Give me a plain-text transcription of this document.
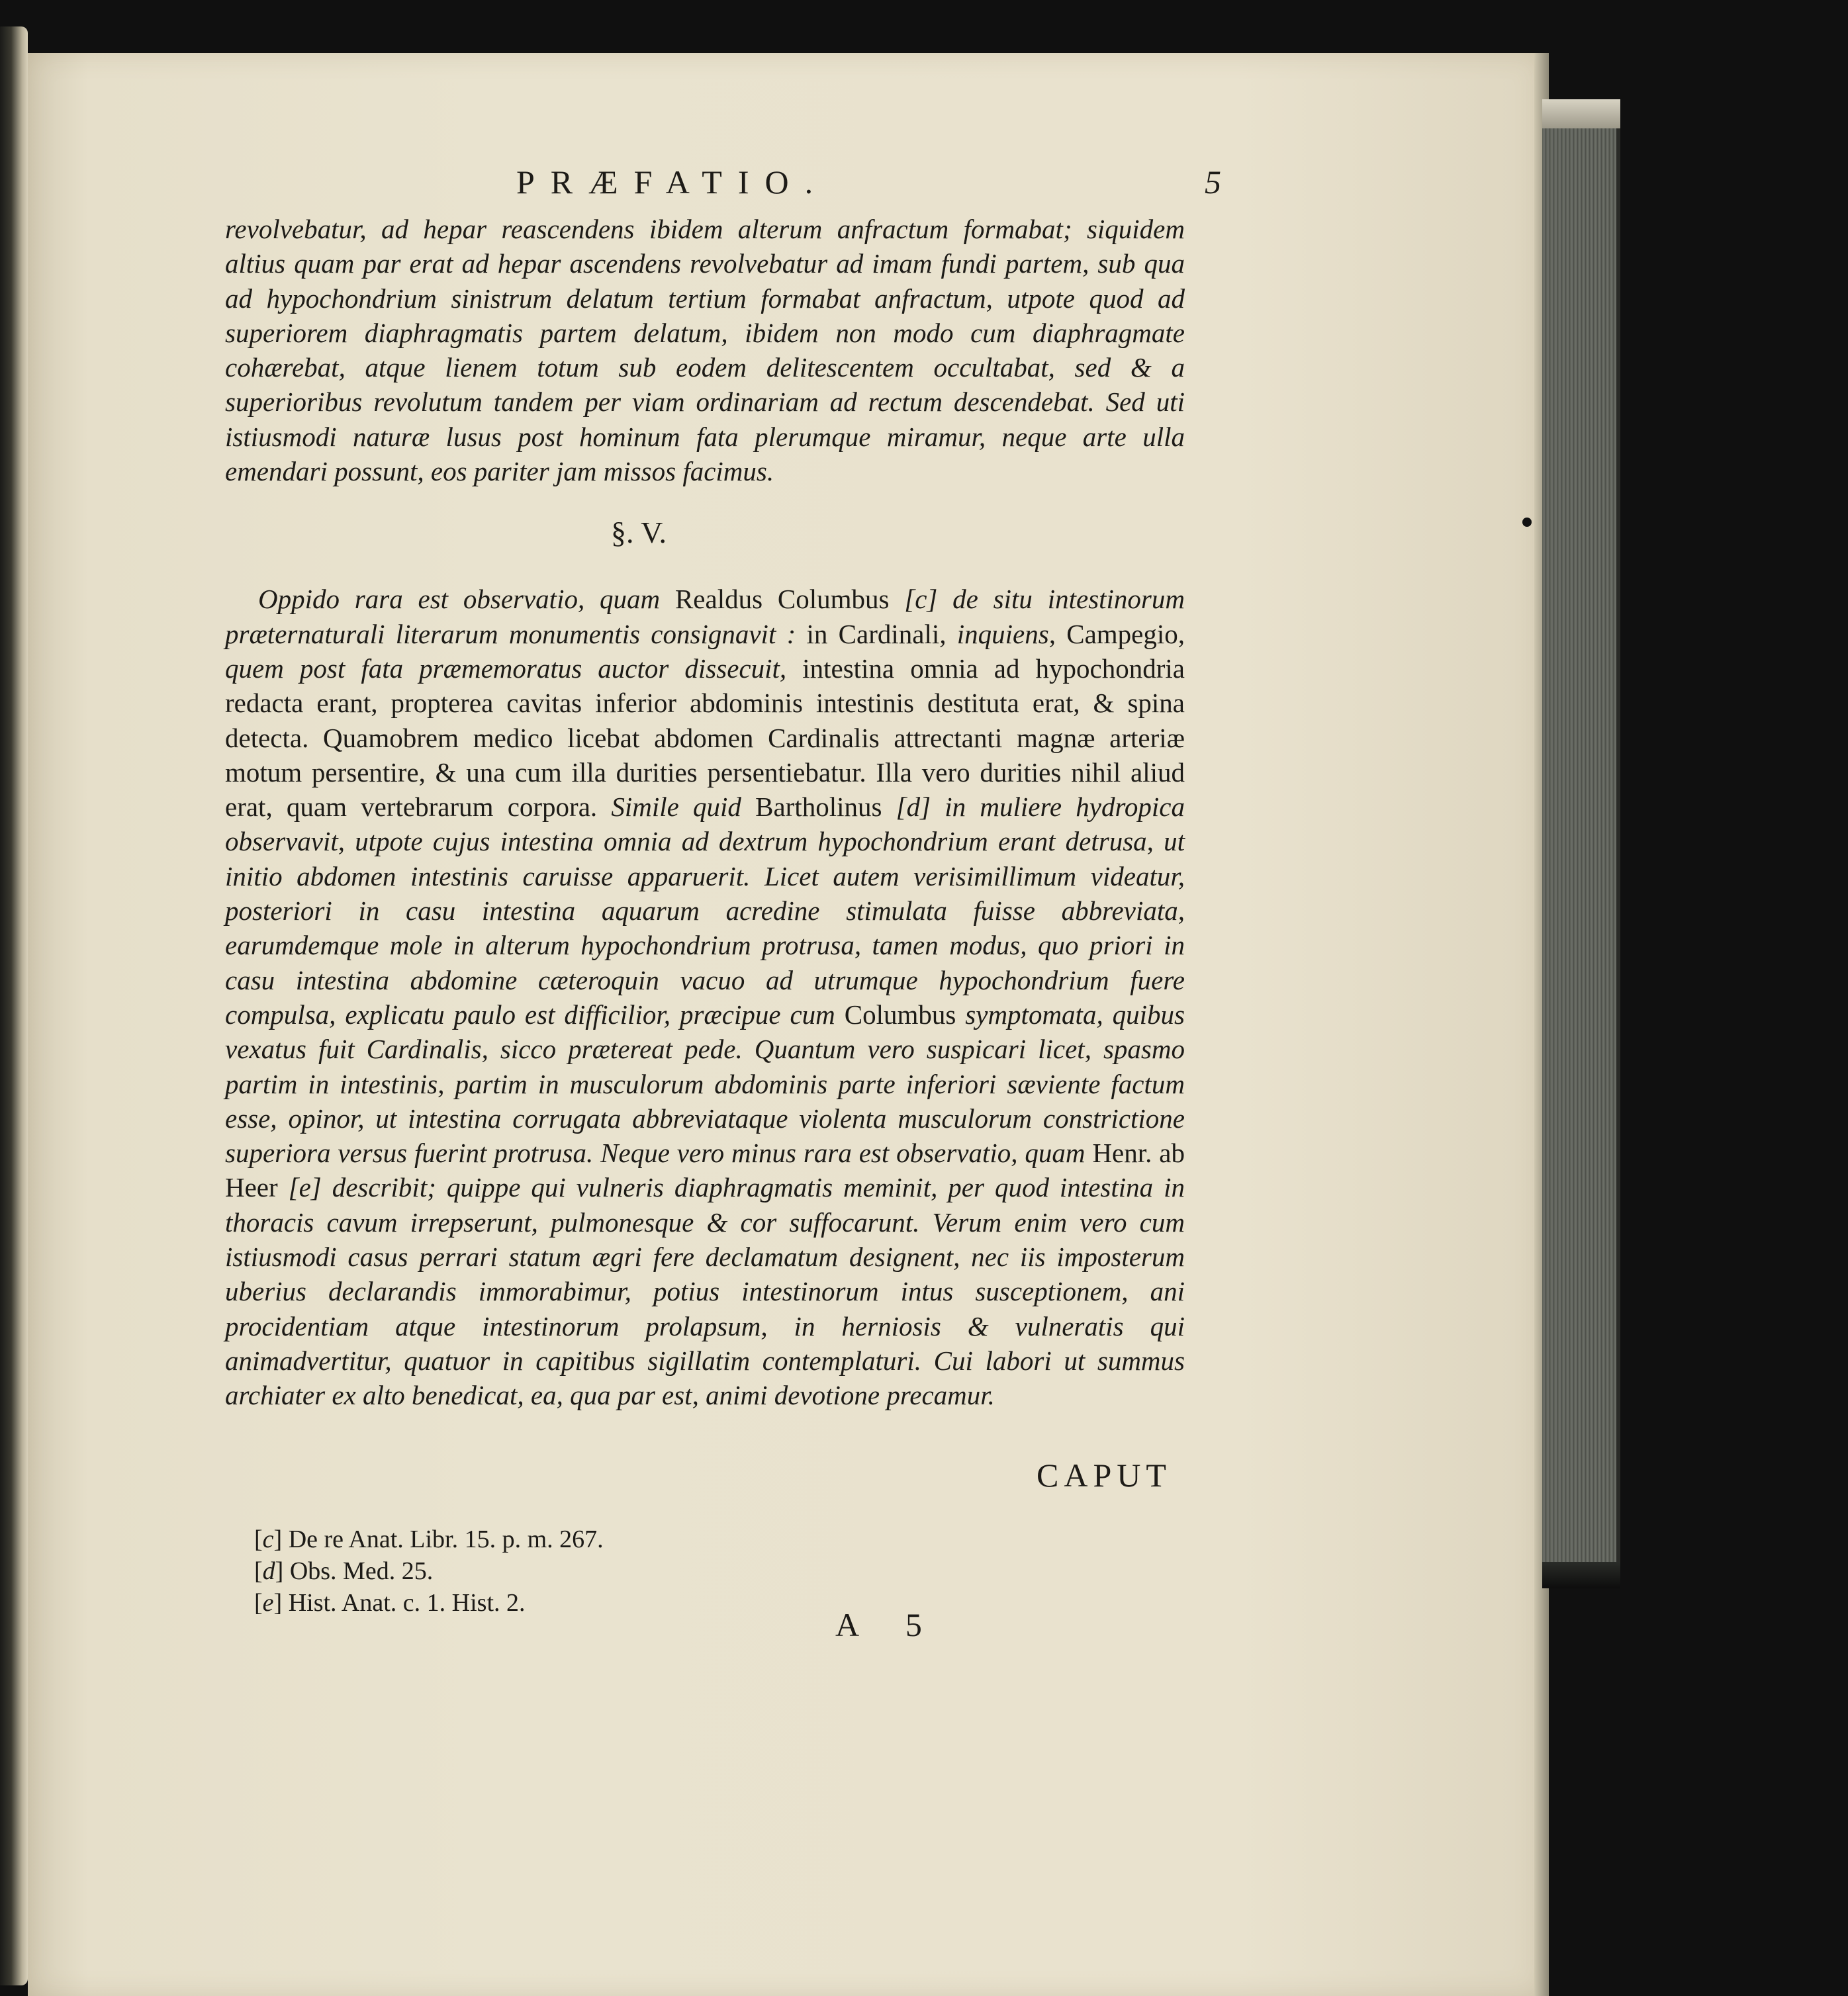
PRÆFATIO.	5

revolvebatur, ad hepar reascendens ibidem alterum anfractum formabat; siquidem altius quam par erat ad hepar ascendens revolvebatur ad imam fundi partem, sub qua ad hypochondrium sinistrum delatum tertium formabat anfractum, utpote quod ad superiorem diaphragmatis partem delatum, ibidem non modo cum diaphragmate cohærebat, atque lienem totum sub eodem delitescentem occultabat, sed & a superioribus revolutum tandem per viam ordinariam ad rectum descendebat. Sed uti istiusmodi naturæ lusus post hominum fata plerumque miramur, neque arte ulla emendari possunt, eos pariter jam missos facimus.

§. V.

Oppido rara est observatio, quam Realdus Columbus [c] de situ intestinorum præternaturali literarum monumentis consignavit : in Cardinali, inquiens, Campegio, quem post fata præmemoratus auctor dissecuit, intestina omnia ad hypochondria redacta erant, propterea cavitas inferior abdominis intestinis destituta erat, & spina detecta. Quamobrem medico licebat abdomen Cardinalis attrectanti magnæ arteriæ motum persentire, & una cum illa durities persentiebatur. Illa vero durities nihil aliud erat, quam vertebrarum corpora. Simile quid Bartholinus [d] in muliere hydropica observavit, utpote cujus intestina omnia ad dextrum hypochondrium erant detrusa, ut initio abdomen intestinis caruisse apparuerit. Licet autem verisimillimum videatur, posteriori in casu intestina aquarum acredine stimulata fuisse abbreviata, earumdemque mole in alterum hypochondrium protrusa, tamen modus, quo priori in casu intestina abdomine cæteroquin vacuo ad utrumque hypochondrium fuere compulsa, explicatu paulo est difficilior, præcipue cum Columbus symptomata, quibus vexatus fuit Cardinalis, sicco prætereat pede. Quantum vero suspicari licet, spasmo partim in intestinis, partim in musculorum abdominis parte inferiori sæviente factum esse, opinor, ut intestina corrugata abbreviataque violenta musculorum constrictione superiora versus fuerint protrusa. Neque vero minus rara est observatio, quam Henr. ab Heer [e] describit; quippe qui vulneris diaphragmatis meminit, per quod intestina in thoracis cavum irrepserunt, pulmonesque & cor suffocarunt. Verum enim vero cum istiusmodi casus perrari statum ægri fere declamatum designent, nec iis imposterum uberius declarandis immorabimur, potius intestinorum intus susceptionem, ani procidentiam atque intestinorum prolapsum, in herniosis & vulneratis qui animadvertitur, quatuor in capitibus sigillatim contemplaturi. Cui labori ut summus archiater ex alto benedicat, ea, qua par est, animi devotione precamur.

CAPUT
[c] De re Anat. Libr. 15. p. m. 267.
[d] Obs. Med. 25.
[e] Hist. Anat. c. 1. Hist. 2.
A 5
